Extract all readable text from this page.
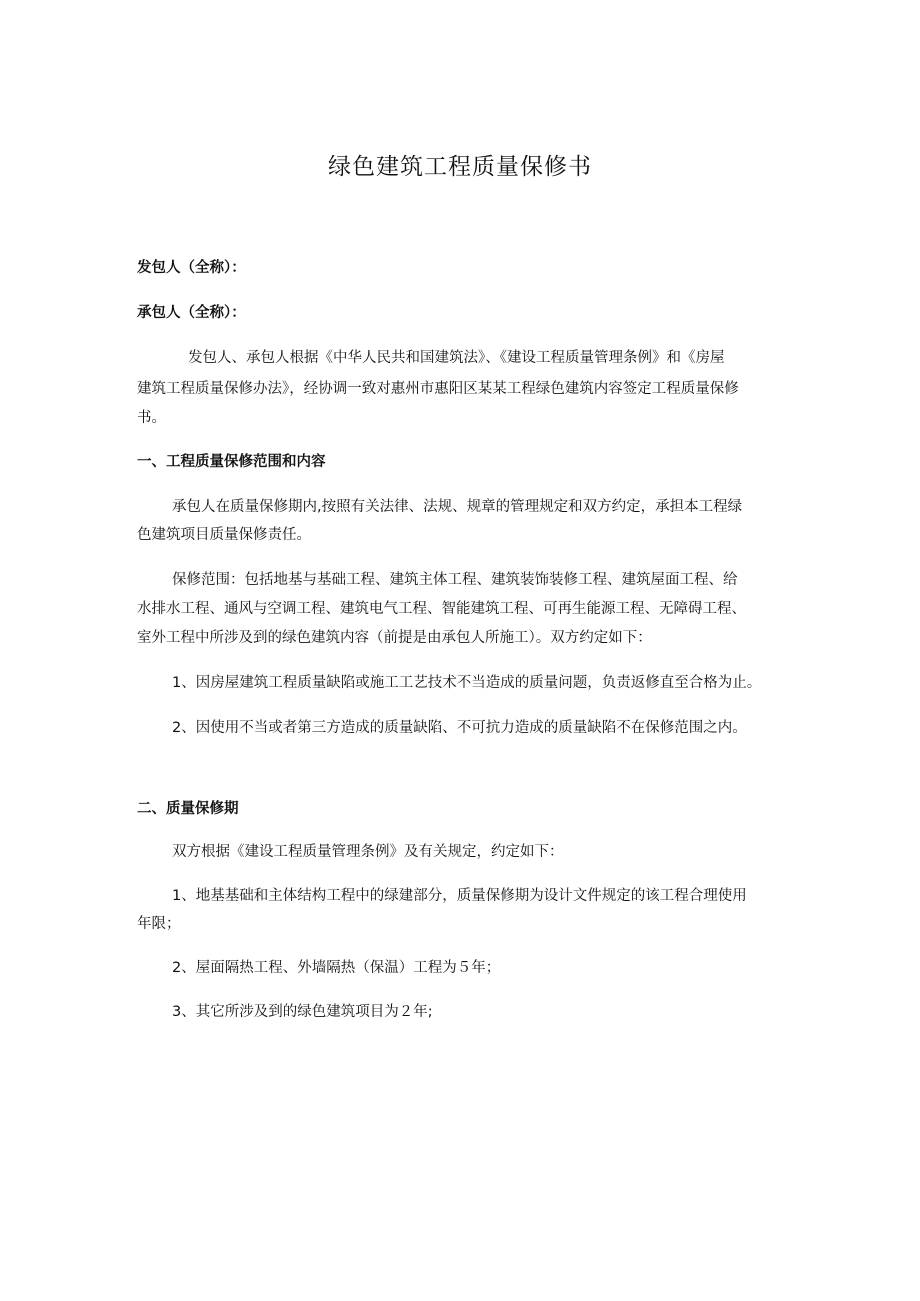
绿色建筑工程质量保修书
发包人（全称）：
承包人（全称）：
发包人、承包人根据《中华人民共和国建筑法》、《建设工程质量管理条例》和《房屋
建筑工程质量保修办法》，经协调一致对惠州市惠阳区某某工程绿色建筑内容签定工程质量保修
书。
一、工程质量保修范围和内容
承包人在质量保修期内,按照有关法律、法规、规章的管理规定和双方约定，承担本工程绿
色建筑项目质量保修责任。
保修范围：包括地基与基础工程、建筑主体工程、建筑装饰装修工程、建筑屋面工程、给
水排水工程、通风与空调工程、建筑电气工程、智能建筑工程、可再生能源工程、无障碍工程、
室外工程中所涉及到的绿色建筑内容（前提是由承包人所施工）。双方约定如下：
1、因房屋建筑工程质量缺陷或施工工艺技术不当造成的质量问题，负责返修直至合格为止。
2、因使用不当或者第三方造成的质量缺陷、不可抗力造成的质量缺陷不在保修范围之内。
二、质量保修期
双方根据《建设工程质量管理条例》及有关规定，约定如下：
1、地基基础和主体结构工程中的绿建部分，质量保修期为设计文件规定的该工程合理使用
年限；
2、屋面隔热工程、外墙隔热（保温）工程为５年；
3、其它所涉及到的绿色建筑项目为２年;
